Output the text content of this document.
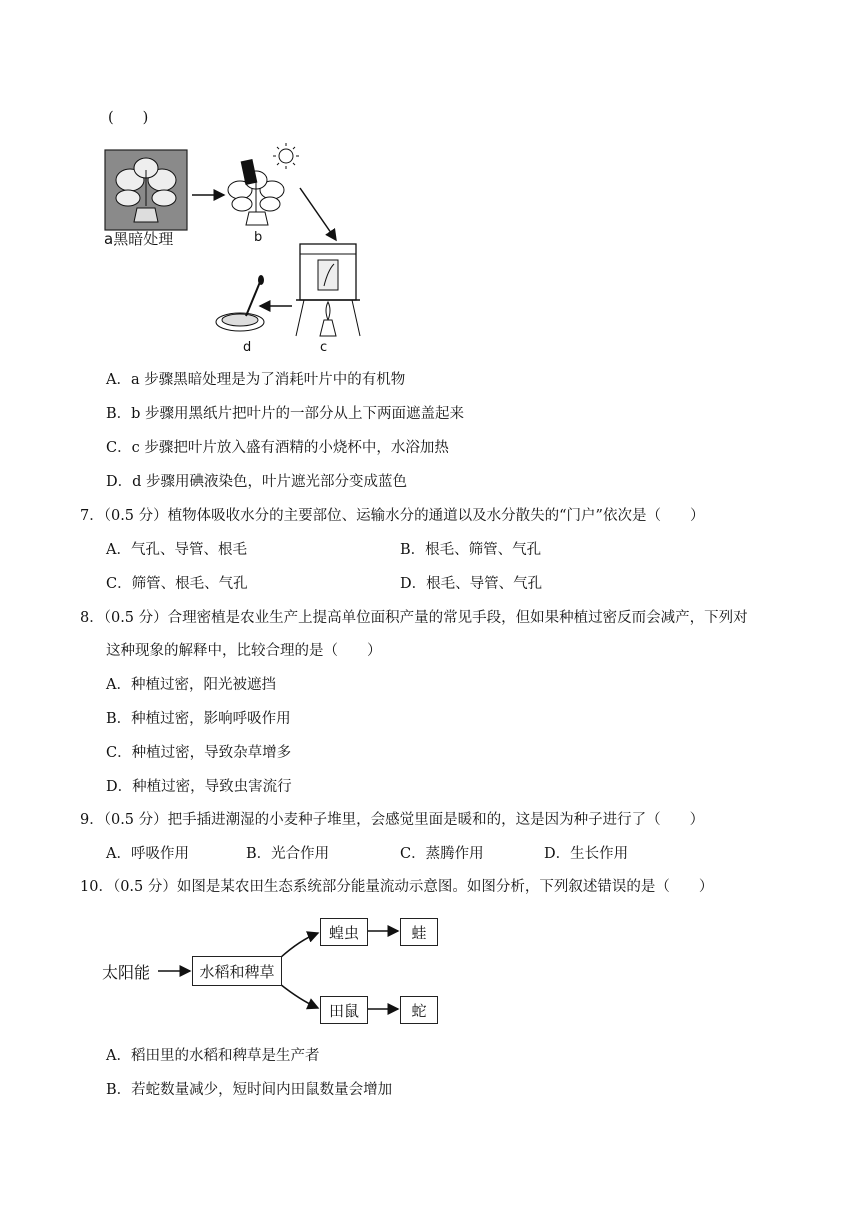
(　　)
a黑暗处理	b
c
d
A．a 步骤黑暗处理是为了消耗叶片中的有机物
B．b 步骤用黑纸片把叶片的一部分从上下两面遮盖起来
C．c 步骤把叶片放入盛有酒精的小烧杯中，水浴加热
D．d 步骤用碘液染色，叶片遮光部分变成蓝色
7．（0.5 分）植物体吸收水分的主要部位、运输水分的通道以及水分散失的“门户”依次是（　　）
A．气孔、导管、根毛	B．根毛、筛管、气孔
C．筛管、根毛、气孔	D．根毛、导管、气孔
8．（0.5 分）合理密植是农业生产上提高单位面积产量的常见手段，但如果种植过密反而会减产，下列对
这种现象的解释中，比较合理的是（　　）
A．种植过密，阳光被遮挡
B．种植过密，影响呼吸作用
C．种植过密，导致杂草增多
D．种植过密，导致虫害流行
9．（0.5 分）把手插进潮湿的小麦种子堆里，会感觉里面是暖和的，这是因为种子进行了（　　）
A．呼吸作用	B．光合作用	C．蒸腾作用	D．生长作用
10．（0.5 分）如图是某农田生态系统部分能量流动示意图。如图分析，下列叙述错误的是（　　）
太阳能	水稻和稗草
蝗虫	蛙
田鼠	蛇
A．稻田里的水稻和稗草是生产者
B．若蛇数量减少，短时间内田鼠数量会增加
